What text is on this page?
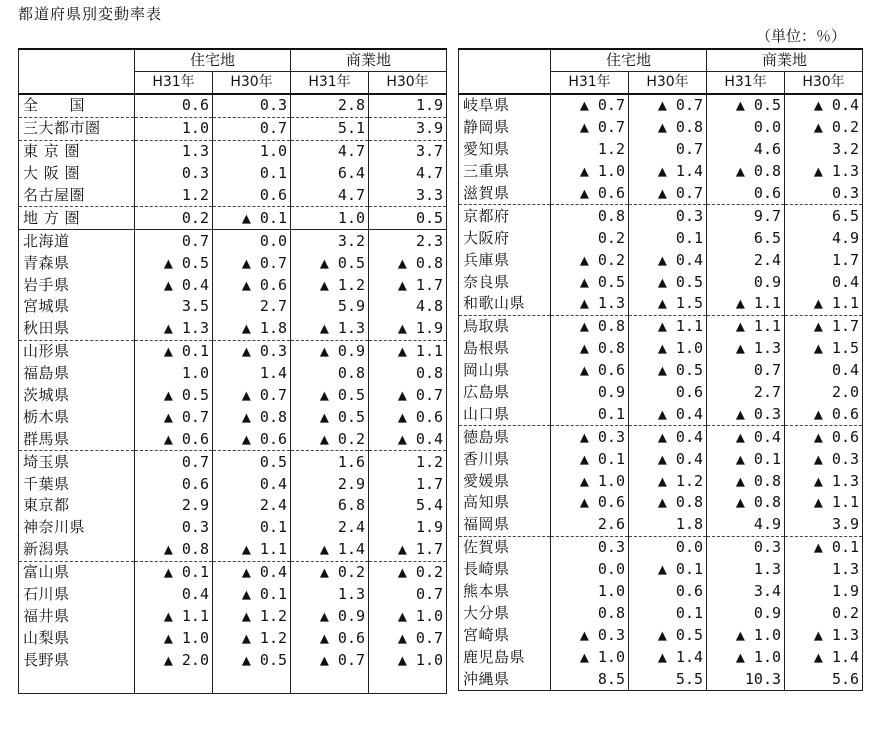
都道府県別変動率表
（単位：％）
	住宅地		商業地	
	H31年	H30年	H31年	H30年
全　　国	0.6	0.3	2.8	1.9
三大都市圏	1.0	0.7	5.1	3.9
東 京 圏	1.3	1.0	4.7	3.7
大 阪 圏	0.3	0.1	6.4	4.7
名古屋圏	1.2	0.6	4.7	3.3
地 方 圏	0.2	▲ 0.1	1.0	0.5
北海道	0.7	0.0	3.2	2.3
青森県	▲ 0.5	▲ 0.7	▲ 0.5	▲ 0.8
岩手県	▲ 0.4	▲ 0.6	▲ 1.2	▲ 1.7
宮城県	3.5	2.7	5.9	4.8
秋田県	▲ 1.3	▲ 1.8	▲ 1.3	▲ 1.9
山形県	▲ 0.1	▲ 0.3	▲ 0.9	▲ 1.1
福島県	1.0	1.4	0.8	0.8
茨城県	▲ 0.5	▲ 0.7	▲ 0.5	▲ 0.7
栃木県	▲ 0.7	▲ 0.8	▲ 0.5	▲ 0.6
群馬県	▲ 0.6	▲ 0.6	▲ 0.2	▲ 0.4
埼玉県	0.7	0.5	1.6	1.2
千葉県	0.6	0.4	2.9	1.7
東京都	2.9	2.4	6.8	5.4
神奈川県	0.3	0.1	2.4	1.9
新潟県	▲ 0.8	▲ 1.1	▲ 1.4	▲ 1.7
富山県	▲ 0.1	▲ 0.4	▲ 0.2	▲ 0.2
石川県	0.4	▲ 0.1	1.3	0.7
福井県	▲ 1.1	▲ 1.2	▲ 0.9	▲ 1.0
山梨県	▲ 1.0	▲ 1.2	▲ 0.6	▲ 0.7
長野県	▲ 2.0	▲ 0.5	▲ 0.7	▲ 1.0

	住宅地		商業地	
	H31年	H30年	H31年	H30年
岐阜県	▲ 0.7	▲ 0.7	▲ 0.5	▲ 0.4
静岡県	▲ 0.7	▲ 0.8	0.0	▲ 0.2
愛知県	1.2	0.7	4.6	3.2
三重県	▲ 1.0	▲ 1.4	▲ 0.8	▲ 1.3
滋賀県	▲ 0.6	▲ 0.7	0.6	0.3
京都府	0.8	0.3	9.7	6.5
大阪府	0.2	0.1	6.5	4.9
兵庫県	▲ 0.2	▲ 0.4	2.4	1.7
奈良県	▲ 0.5	▲ 0.5	0.9	0.4
和歌山県	▲ 1.3	▲ 1.5	▲ 1.1	▲ 1.1
鳥取県	▲ 0.8	▲ 1.1	▲ 1.1	▲ 1.7
島根県	▲ 0.8	▲ 1.0	▲ 1.3	▲ 1.5
岡山県	▲ 0.6	▲ 0.5	0.7	0.4
広島県	0.9	0.6	2.7	2.0
山口県	0.1	▲ 0.4	▲ 0.3	▲ 0.6
徳島県	▲ 0.3	▲ 0.4	▲ 0.4	▲ 0.6
香川県	▲ 0.1	▲ 0.4	▲ 0.1	▲ 0.3
愛媛県	▲ 1.0	▲ 1.2	▲ 0.8	▲ 1.3
高知県	▲ 0.6	▲ 0.8	▲ 0.8	▲ 1.1
福岡県	2.6	1.8	4.9	3.9
佐賀県	0.3	0.0	0.3	▲ 0.1
長崎県	0.0	▲ 0.1	1.3	1.3
熊本県	1.0	0.6	3.4	1.9
大分県	0.8	0.1	0.9	0.2
宮崎県	▲ 0.3	▲ 0.5	▲ 1.0	▲ 1.3
鹿児島県	▲ 1.0	▲ 1.4	▲ 1.0	▲ 1.4
沖縄県	8.5	5.5	10.3	5.6
